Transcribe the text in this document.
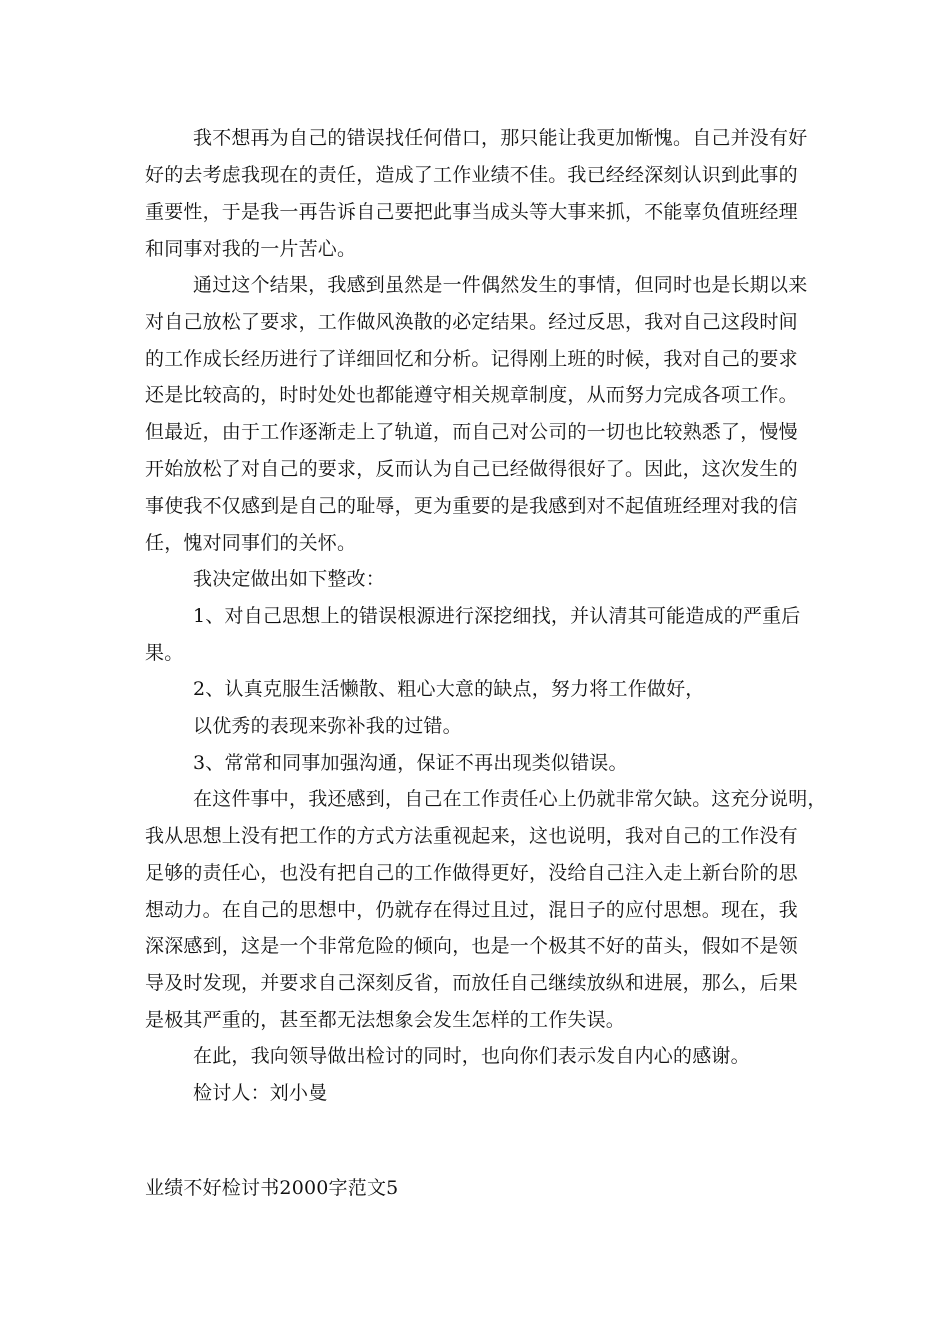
我不想再为自己的错误找任何借口，那只能让我更加惭愧。自己并没有好
好的去考虑我现在的责任，造成了工作业绩不佳。我已经经深刻认识到此事的
重要性，于是我一再告诉自己要把此事当成头等大事来抓，不能辜负值班经理
和同事对我的一片苦心。
通过这个结果，我感到虽然是一件偶然发生的事情，但同时也是长期以来
对自己放松了要求，工作做风涣散的必定结果。经过反思，我对自己这段时间
的工作成长经历进行了详细回忆和分析。记得刚上班的时候，我对自己的要求
还是比较高的，时时处处也都能遵守相关规章制度，从而努力完成各项工作。
但最近，由于工作逐渐走上了轨道，而自己对公司的一切也比较熟悉了，慢慢
开始放松了对自己的要求，反而认为自己已经做得很好了。因此，这次发生的
事使我不仅感到是自己的耻辱，更为重要的是我感到对不起值班经理对我的信
任，愧对同事们的关怀。
我决定做出如下整改：
1、对自己思想上的错误根源进行深挖细找，并认清其可能造成的严重后
果。
2、认真克服生活懒散、粗心大意的缺点，努力将工作做好，
以优秀的表现来弥补我的过错。
3、常常和同事加强沟通，保证不再出现类似错误。
在这件事中，我还感到，自己在工作责任心上仍就非常欠缺。这充分说明，
我从思想上没有把工作的方式方法重视起来，这也说明，我对自己的工作没有
足够的责任心，也没有把自己的工作做得更好，没给自己注入走上新台阶的思
想动力。在自己的思想中，仍就存在得过且过，混日子的应付思想。现在，我
深深感到，这是一个非常危险的倾向，也是一个极其不好的苗头，假如不是领
导及时发现，并要求自己深刻反省，而放任自己继续放纵和进展，那么，后果
是极其严重的，甚至都无法想象会发生怎样的工作失误。
在此，我向领导做出检讨的同时，也向你们表示发自内心的感谢。
检讨人：刘小曼
业绩不好检讨书2000字范文5
